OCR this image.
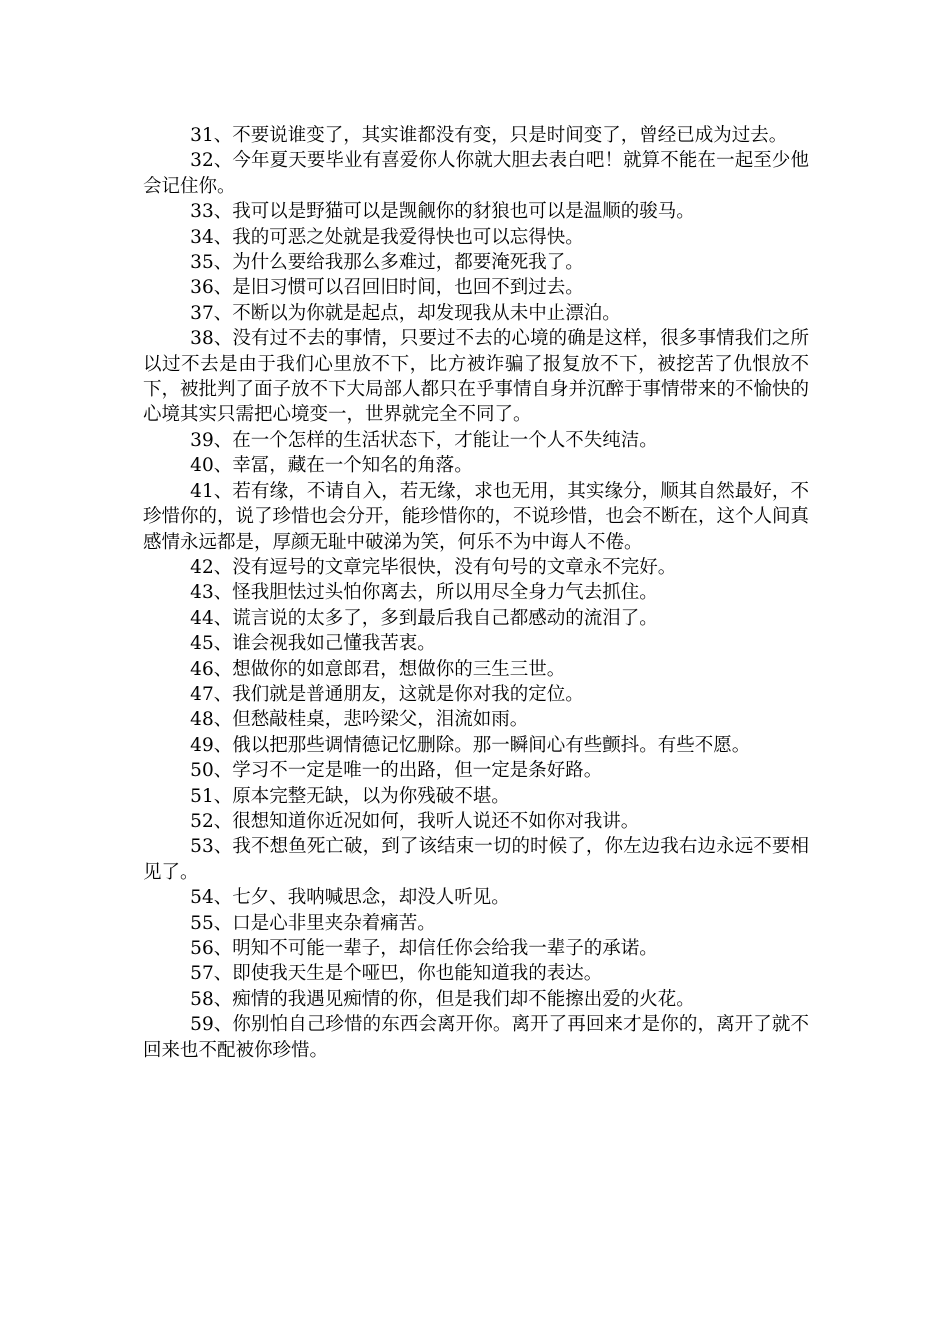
31、不要说谁变了，其实谁都没有变，只是时间变了，曾经已成为过去。

32、今年夏天要毕业有喜爱你人你就大胆去表白吧！就算不能在一起至少他会记住你。

33、我可以是野猫可以是觊觎你的豺狼也可以是温顺的骏马。

34、我的可恶之处就是我爱得快也可以忘得快。

35、为什么要给我那么多难过，都要淹死我了。

36、是旧习惯可以召回旧时间，也回不到过去。

37、不断以为你就是起点，却发现我从未中止漂泊。

38、没有过不去的事情，只要过不去的心境的确是这样，很多事情我们之所以过不去是由于我们心里放不下，比方被诈骗了报复放不下，被挖苦了仇恨放不下，被批判了面子放不下大局部人都只在乎事情自身并沉醉于事情带来的不愉快的心境其实只需把心境变一，世界就完全不同了。

39、在一个怎样的生活状态下，才能让一个人不失纯洁。

40、幸冨，藏在一个知名的角落。

41、若有缘，不请自入，若无缘，求也无用，其实缘分，顺其自然最好，不珍惜你的，说了珍惜也会分开，能珍惜你的，不说珍惜，也会不断在，这个人间真感情永远都是，厚颜无耻中破涕为笑，何乐不为中诲人不倦。

42、没有逗号的文章完毕很快，没有句号的文章永不完好。

43、怪我胆怯过头怕你离去，所以用尽全身力气去抓住。

44、谎言说的太多了，多到最后我自己都感动的流泪了。

45、谁会视我如己懂我苦衷。

46、想做你的如意郎君，想做你的三生三世。

47、我们就是普通朋友，这就是你对我的定位。

48、但愁敲桂桌，悲吟梁父，泪流如雨。

49、俄以把那些调情德记忆删除。那一瞬间心有些颤抖。有些不愿。

50、学习不一定是唯一的出路，但一定是条好路。

51、原本完整无缺，以为你残破不堪。

52、很想知道你近况如何，我听人说还不如你对我讲。

53、我不想鱼死亡破，到了该结束一切的时候了，你左边我右边永远不要相见了。

54、七夕、我呐喊思念，却没人听见。

55、口是心非里夹杂着痛苦。

56、明知不可能一辈子，却信任你会给我一辈子的承诺。

57、即使我天生是个哑巴，你也能知道我的表达。

58、痴情的我遇见痴情的你，但是我们却不能擦出爱的火花。

59、你别怕自己珍惜的东西会离开你。离开了再回来才是你的，离开了就不回来也不配被你珍惜。
